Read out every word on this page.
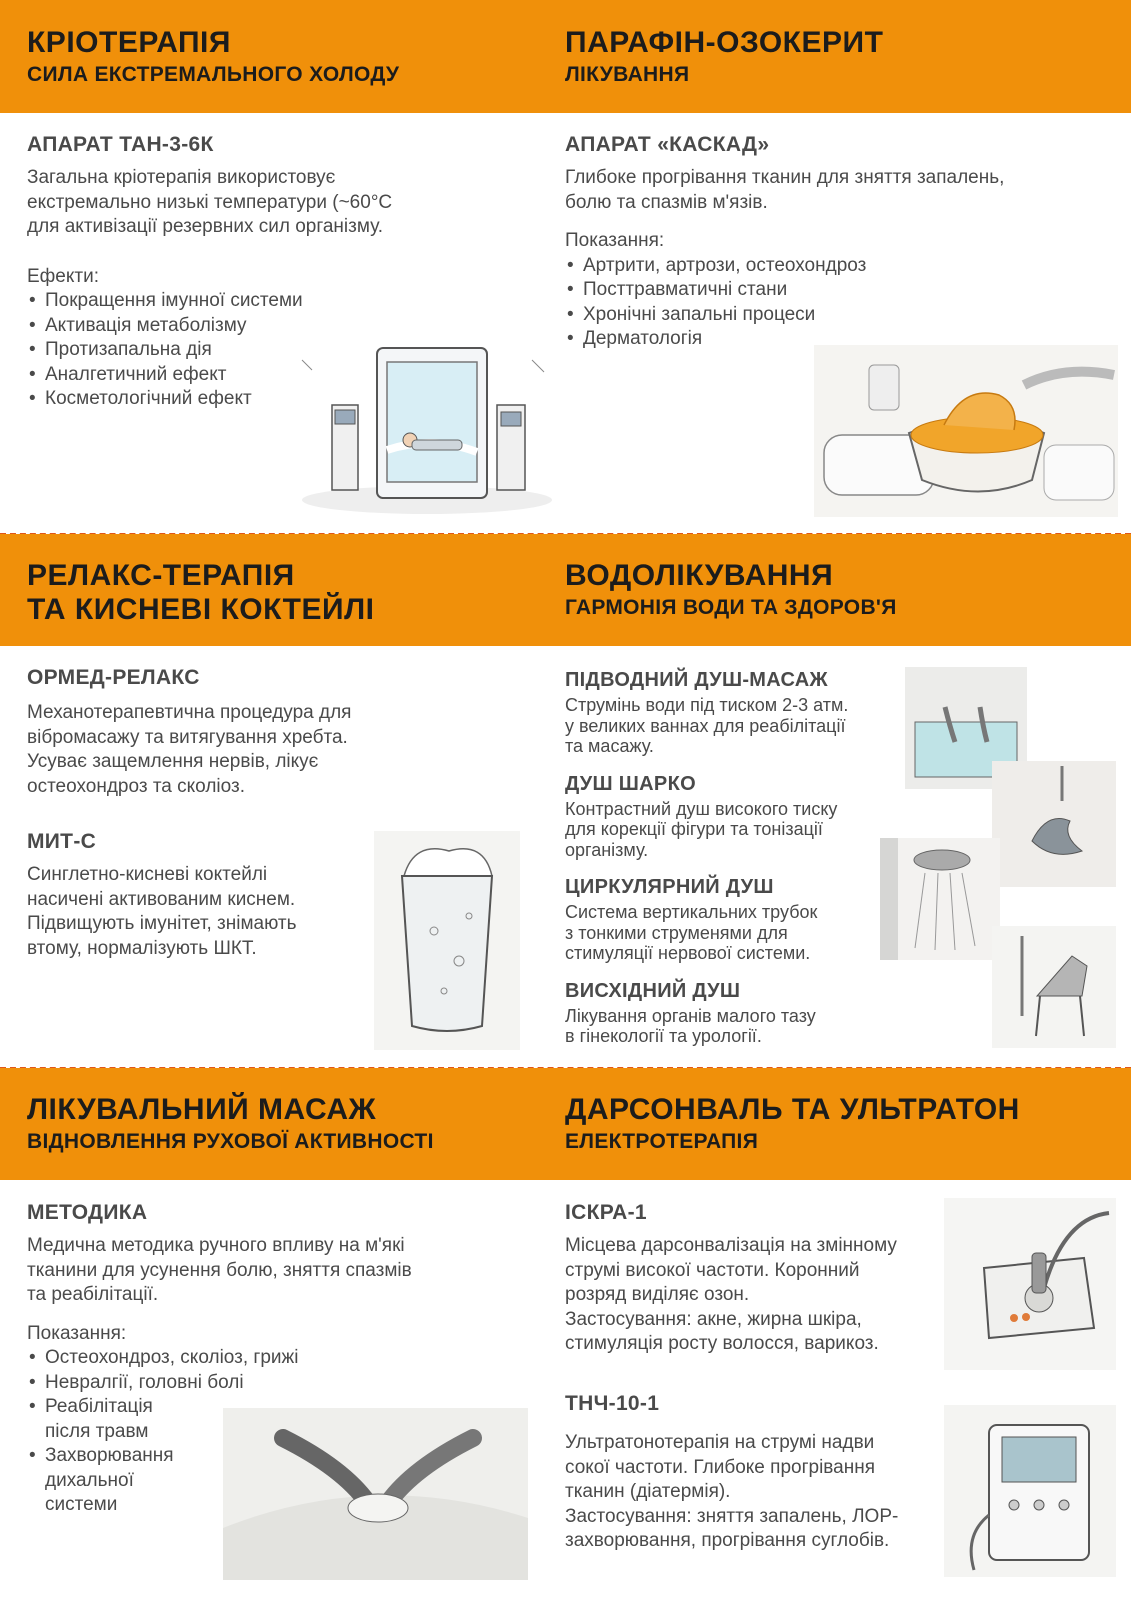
КРІОТЕРАПІЯ
СИЛА ЕКСТРЕМАЛЬНОГО ХОЛОДУ
ПАРАФІН-ОЗОКЕРИТ
ЛІКУВАННЯ
АПАРАТ ТАН-3-6К
Загальна кріотерапія використовує
екстремально низькі температури (~60°С
для активізації резервних сил організму.
Ефекти:
• Покращення імунної системи
• Активація метаболізму
• Протизапальна дія
• Аналгетичний ефект
• Косметологічний ефект
АПАРАТ «КАСКАД»
Глибоке прогрівання тканин для зняття запалень,
болю та спазмів м'язів.
Показання:
• Артрити, артрози, остеохондроз
• Посттравматичні стани
• Хронічні запальні процеси
• Дерматологія
РЕЛАКС-ТЕРАПІЯ
ТА КИСНЕВІ КОКТЕЙЛІ
ВОДОЛІКУВАННЯ
ГАРМОНІЯ ВОДИ ТА ЗДОРОВ'Я
ОРМЕД-РЕЛАКС
Механотерапевтична процедура для
вібромасажу та витягування хребта.
Усуває защемлення нервів, лікує
остеохондроз та сколіоз.
МИТ-С
Синглетно-кисневі коктейлі
насичені активованим киснем.
Підвищують імунітет, знімають
втому, нормалізують ШКТ.
ПІДВОДНИЙ ДУШ-МАСАЖ
Струмінь води під тиском 2-3 атм.
у великих ваннах для реабілітації
та масажу.
ДУШ ШАРКО
Контрастний душ високого тиску
для корекції фігури та тонізації
організму.
ЦИРКУЛЯРНИЙ ДУШ
Система вертикальних трубок
з тонкими струменями для
стимуляції нервової системи.
ВИСХІДНИЙ ДУШ
Лікування органів малого тазу
в гінекології та урології.
ЛІКУВАЛЬНИЙ МАСАЖ
ВІДНОВЛЕННЯ РУХОВОЇ АКТИВНОСТІ
ДАРСОНВАЛЬ ТА УЛЬТРАТОН
ЕЛЕКТРОТЕРАПІЯ
МЕТОДИКА
Медична методика ручного впливу на м'які
тканини для усунення болю, зняття спазмів
та реабілітації.
Показання:
• Остеохондроз, сколіоз, грижі
• Невралгії, головні болі
• Реабілітація
після травм
• Захворювання
дихальної
системи
ІСКРА-1
Місцева дарсонвалізація на змінному
струмі високої частоти. Коронний
розряд виділяє озон.
Застосування: акне, жирна шкіра,
стимуляція росту волосся, варикоз.
ТНЧ-10-1
Ультратонотерапія на струмі надви
сокої частоти. Глибоке прогрівання
тканин (діатермія).
Застосування: зняття запалень, ЛОР-
захворювання, прогрівання суглобів.
